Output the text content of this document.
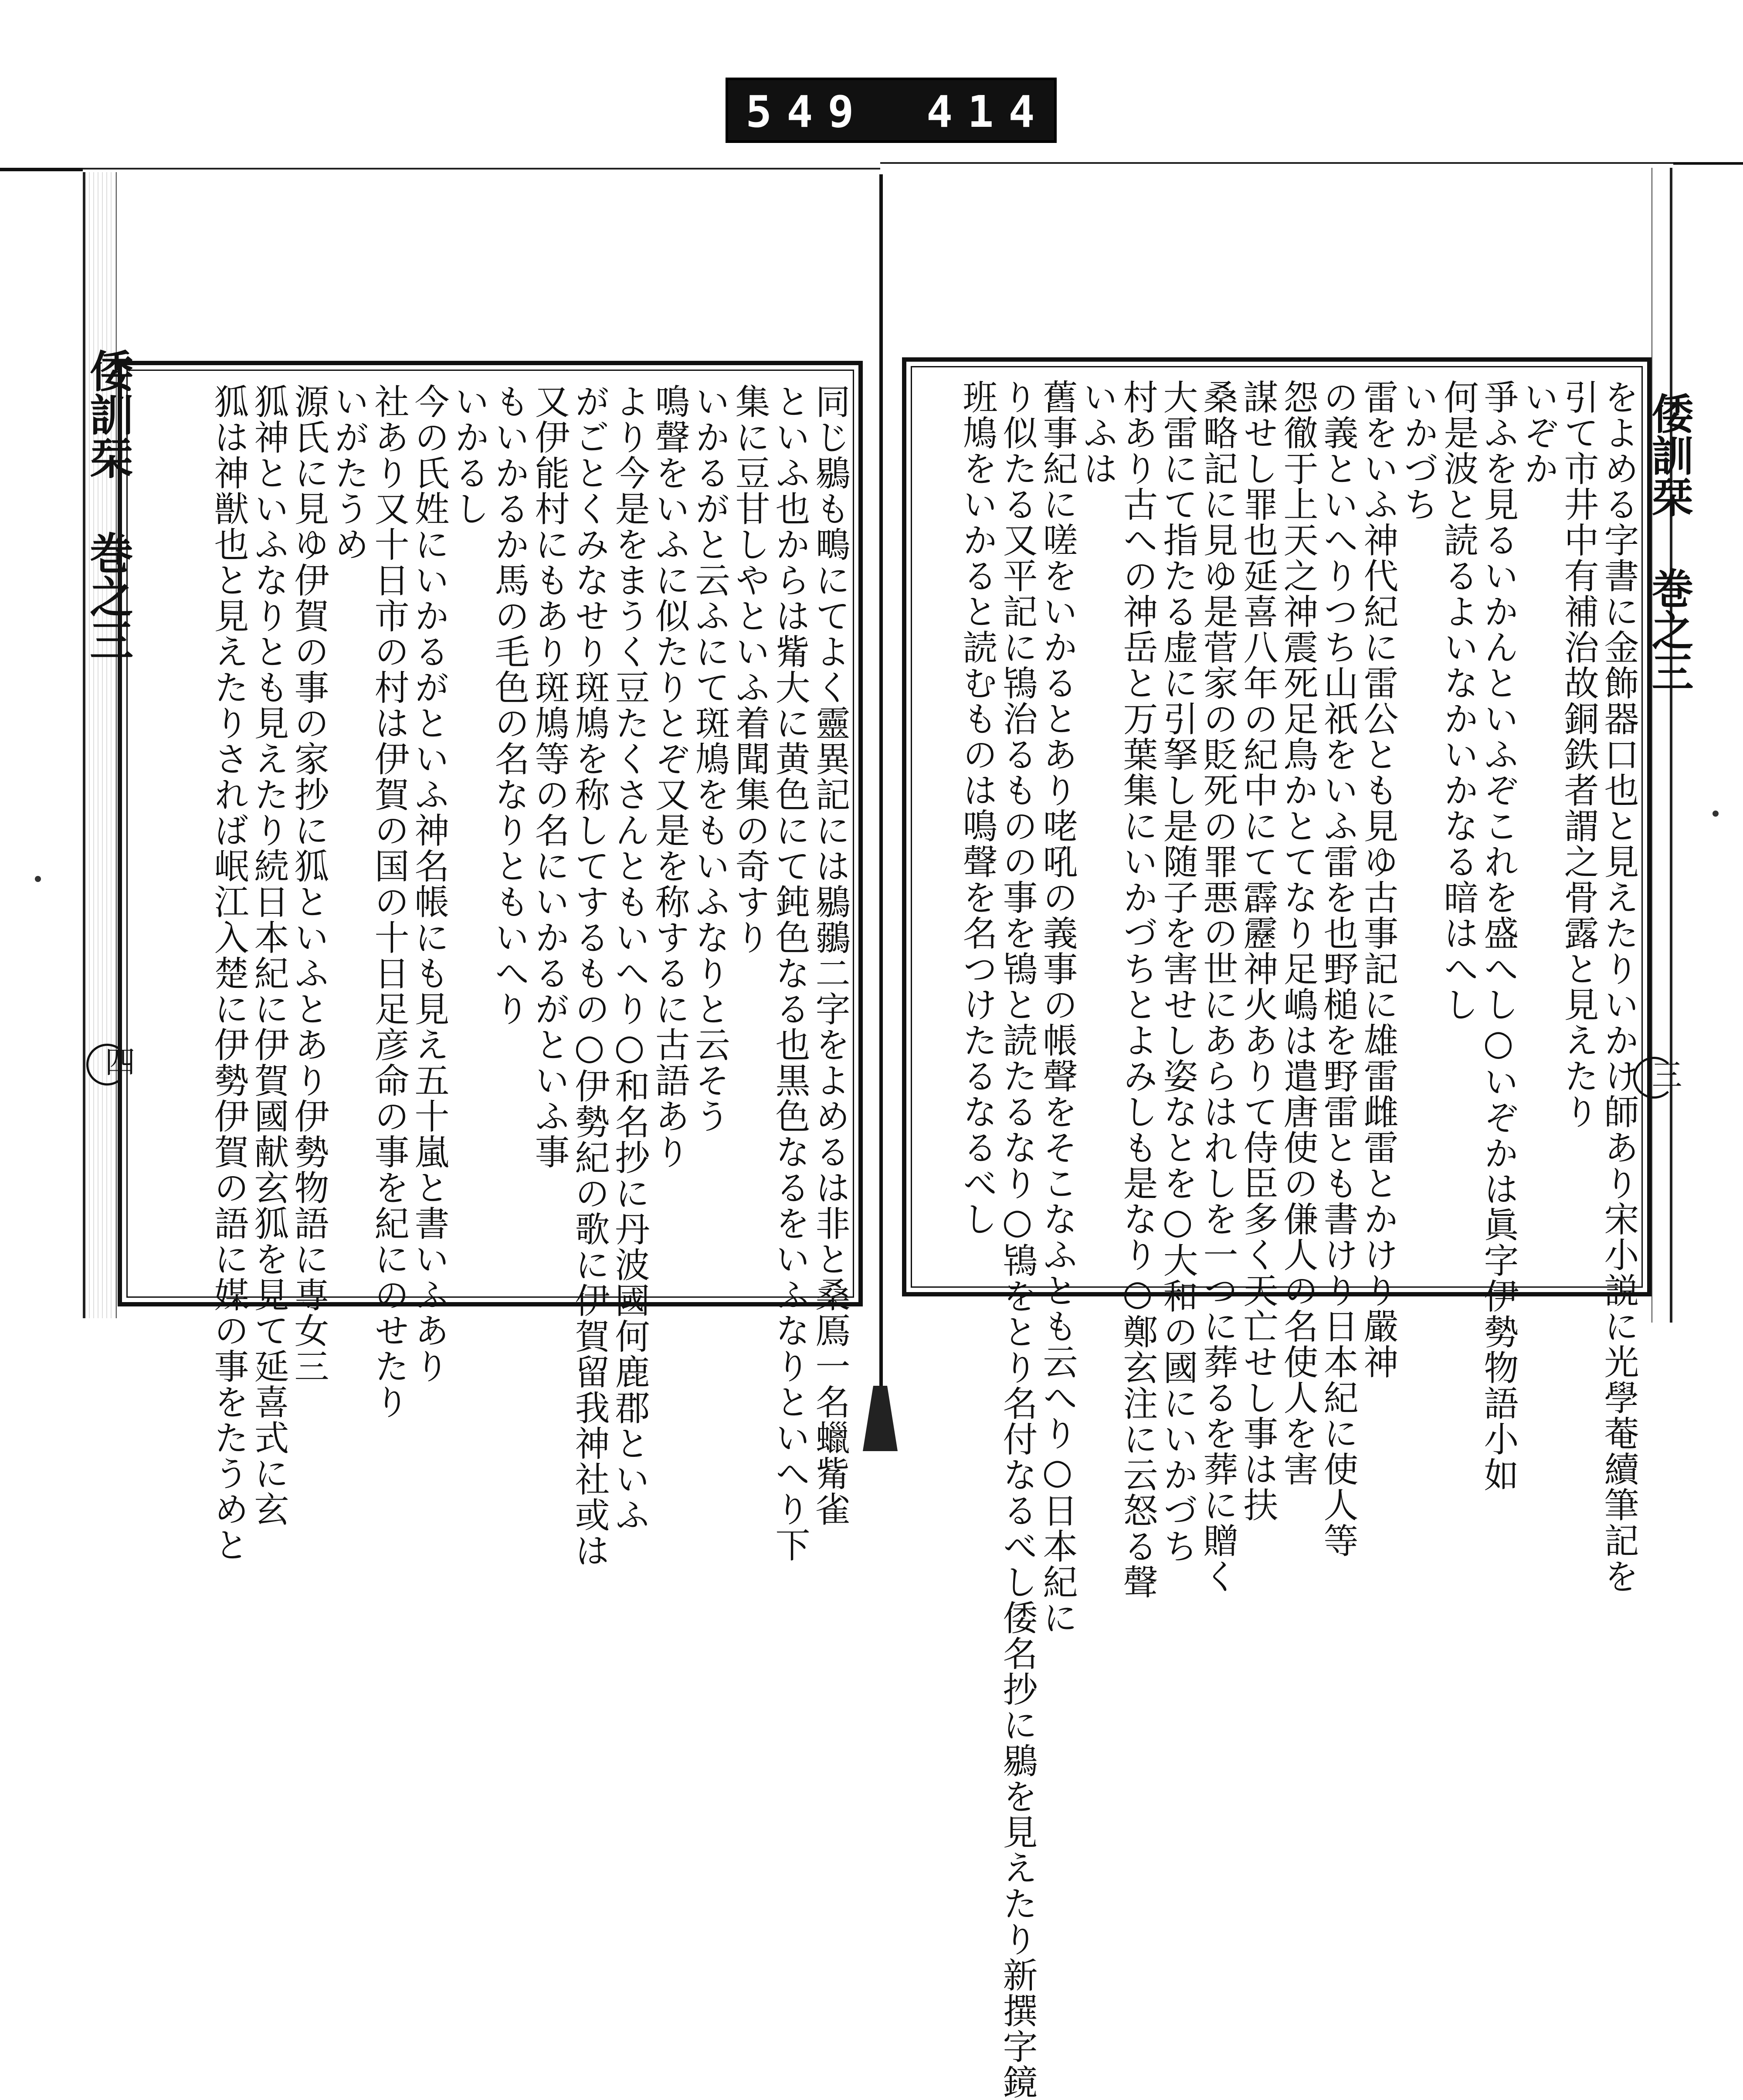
549 414.
倭訓栞 巻之三	倭訓栞 巻之三
四	三
同じ鶍も鴫にてよく靈異記には鶍鶸二字をよめるは非と桑鳫一名蠟觜雀
といふ也からは觜大に黄色にて鈍色なる也黒色なるをいふなりといへり下
集に豆甘しやといふ着聞集の奇すり
いかるがと云ふにて斑鳩をもいふなりと云そう
鳴聲をいふに似たりとぞ又是を称するに古語あり
より今是をまうく豆たくさんともいへり○和名抄に丹波國何鹿郡といふ
がごとくみなせり斑鳩を称してするもの○伊勢紀の歌に伊賀留我神社或は
又伊能村にもあり斑鳩等の名にいかるがといふ事
もいかるか馬の毛色の名なりともいへり
いかるし
今の氏姓にいかるがといふ神名帳にも見え五十嵐と書いふあり
社あり又十日市の村は伊賀の国の十日足彦命の事を紀にのせたり
いがたうめ
源氏に見ゆ伊賀の事の家抄に狐といふとあり伊勢物語に専女三
狐神といふなりとも見えたり続日本紀に伊賀國献玄狐を見て延喜式に玄
狐は神獣也と見えたりされば岷江入楚に伊勢伊賀の語に媒の事をたうめと	をよめる字書に金飾器口也と見えたりいかけ師あり宋小説に光學菴續筆記を
引て市井中有補治故銅鉄者謂之骨露と見えたり
いぞか
爭ふを見るいかんといふぞこれを盛へし○いぞかは眞字伊勢物語小如
何是波と読るよいなかいかなる暗はへし
いかづち
雷をいふ神代紀に雷公とも見ゆ古事記に雄雷雌雷とかけり嚴神
の義といへりつち山祇をいふ雷を也野槌を野雷とも書けり日本紀に使人等
怨徹于上天之神震死足鳥かとてなり足嶋は遣唐使の傔人の名使人を害
謀せし罪也延喜八年の紀中にて霹靂神火ありて侍臣多く天亡せし事は扶
桑略記に見ゆ是菅家の貶死の罪悪の世にあらはれしを一つに葬るを葬に贈く
大雷にて指たる虚に引拏し是随子を害せし姿なとを○大和の國にいかづち
村あり古への神岳と万葉集にいかづちとよみしも是なり○鄭玄注に云怒る聲
いふは
舊事紀に嗟をいかるとあり咾吼の義事の帳聲をそこなふとも云へり○日本紀に
り似たる又平記に鴇治るものの事を鴇と読たるなり○鴇をとり名付なるべし倭名抄に鶍を見えたり新撰字鏡
班鳩をいかると読むものは鳴聲を名つけたるなるべし
